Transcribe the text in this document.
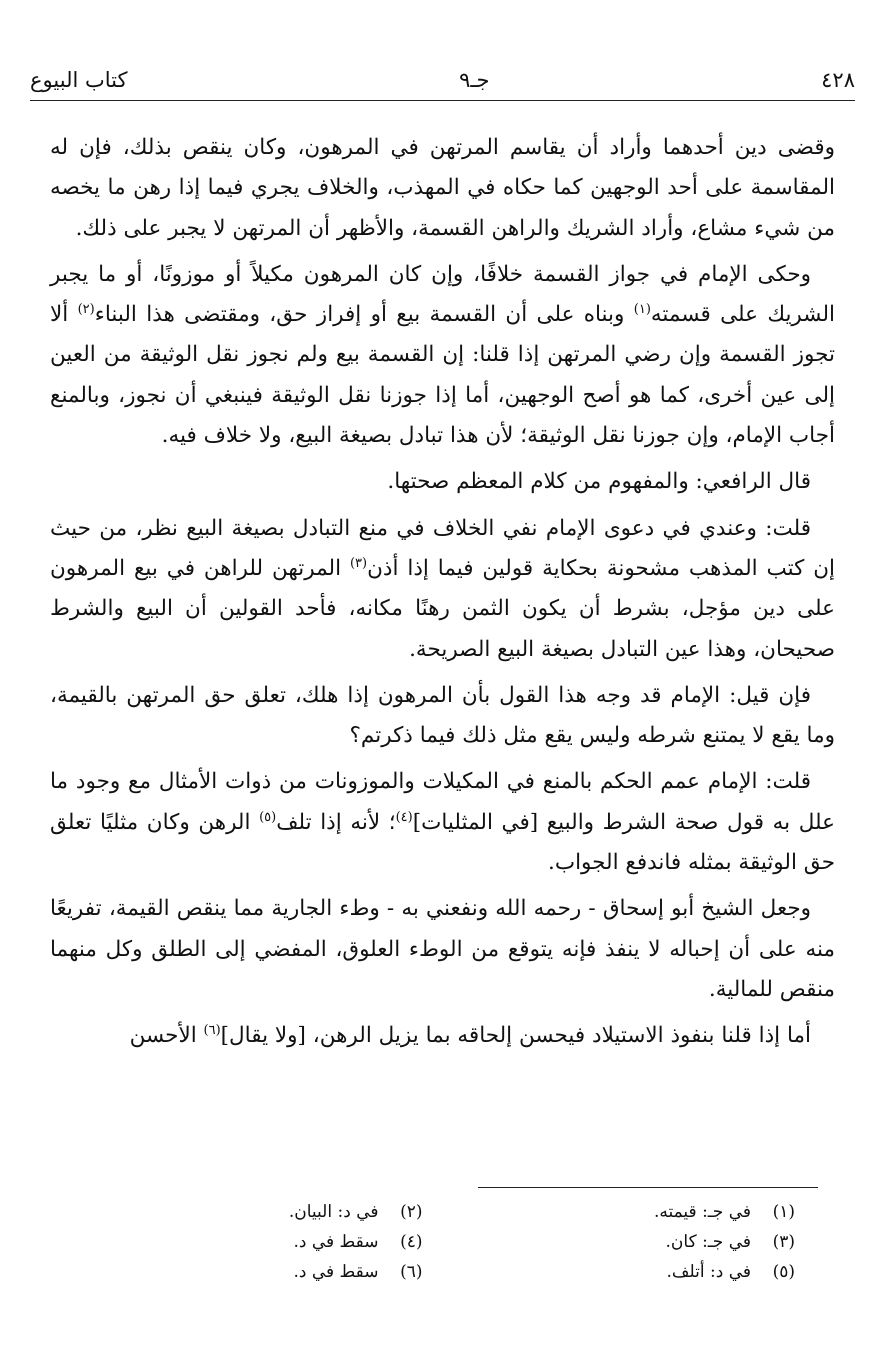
٤٢٨
جـ٩
كتاب البيوع

وقضى دين أحدهما وأراد أن يقاسم المرتهن في المرهون، وكان ينقص بذلك، فإن له المقاسمة على أحد الوجهين كما حكاه في المهذب، والخلاف يجري فيما إذا رهن ما يخصه من شيء مشاع، وأراد الشريك والراهن القسمة، والأظهر أن المرتهن لا يجبر على ذلك.

وحكى الإمام في جواز القسمة خلافًا، وإن كان المرهون مكيلاً أو موزونًا، أو ما يجبر الشريك على قسمته$^{(١)}$ وبناه على أن القسمة بيع أو إفراز حق، ومقتضى هذا البناء$^{(٢)}$ ألا تجوز القسمة وإن رضي المرتهن إذا قلنا: إن القسمة بيع ولم نجوز نقل الوثيقة من العين إلى عين أخرى، كما هو أصح الوجهين، أما إذا جوزنا نقل الوثيقة فينبغي أن نجوز، وبالمنع أجاب الإمام، وإن جوزنا نقل الوثيقة؛ لأن هذا تبادل بصيغة البيع، ولا خلاف فيه.

قال الرافعي: والمفهوم من كلام المعظم صحتها.

قلت: وعندي في دعوى الإمام نفي الخلاف في منع التبادل بصيغة البيع نظر، من حيث إن كتب المذهب مشحونة بحكاية قولين فيما إذا أذن$^{(٣)}$ المرتهن للراهن في بيع المرهون على دين مؤجل، بشرط أن يكون الثمن رهنًا مكانه، فأحد القولين أن البيع والشرط صحيحان، وهذا عين التبادل بصيغة البيع الصريحة.

فإن قيل: الإمام قد وجه هذا القول بأن المرهون إذا هلك، تعلق حق المرتهن بالقيمة، وما يقع لا يمتنع شرطه وليس يقع مثل ذلك فيما ذكرتم؟

قلت: الإمام عمم الحكم بالمنع في المكيلات والموزونات من ذوات الأمثال مع وجود ما علل به قول صحة الشرط والبيع [في المثليات]$^{(٤)}$؛ لأنه إذا تلف$^{(٥)}$ الرهن وكان مثليًا تعلق حق الوثيقة بمثله فاندفع الجواب.

وجعل الشيخ أبو إسحاق - رحمه الله ونفعني به - وطء الجارية مما ينقص القيمة، تفريعًا منه على أن إحباله لا ينفذ فإنه يتوقع من الوطء العلوق، المفضي إلى الطلق وكل منهما منقص للمالية.

أما إذا قلنا بنفوذ الاستيلاد فيحسن إلحاقه بما يزيل الرهن، [ولا يقال]$^{(٦)}$ الأحسن

(١)
في جـ: قيمته.
(٢)
في د: البيان.
(٣)
في جـ: كان.
(٤)
سقط في د.
(٥)
في د: أتلف.
(٦)
سقط في د.
